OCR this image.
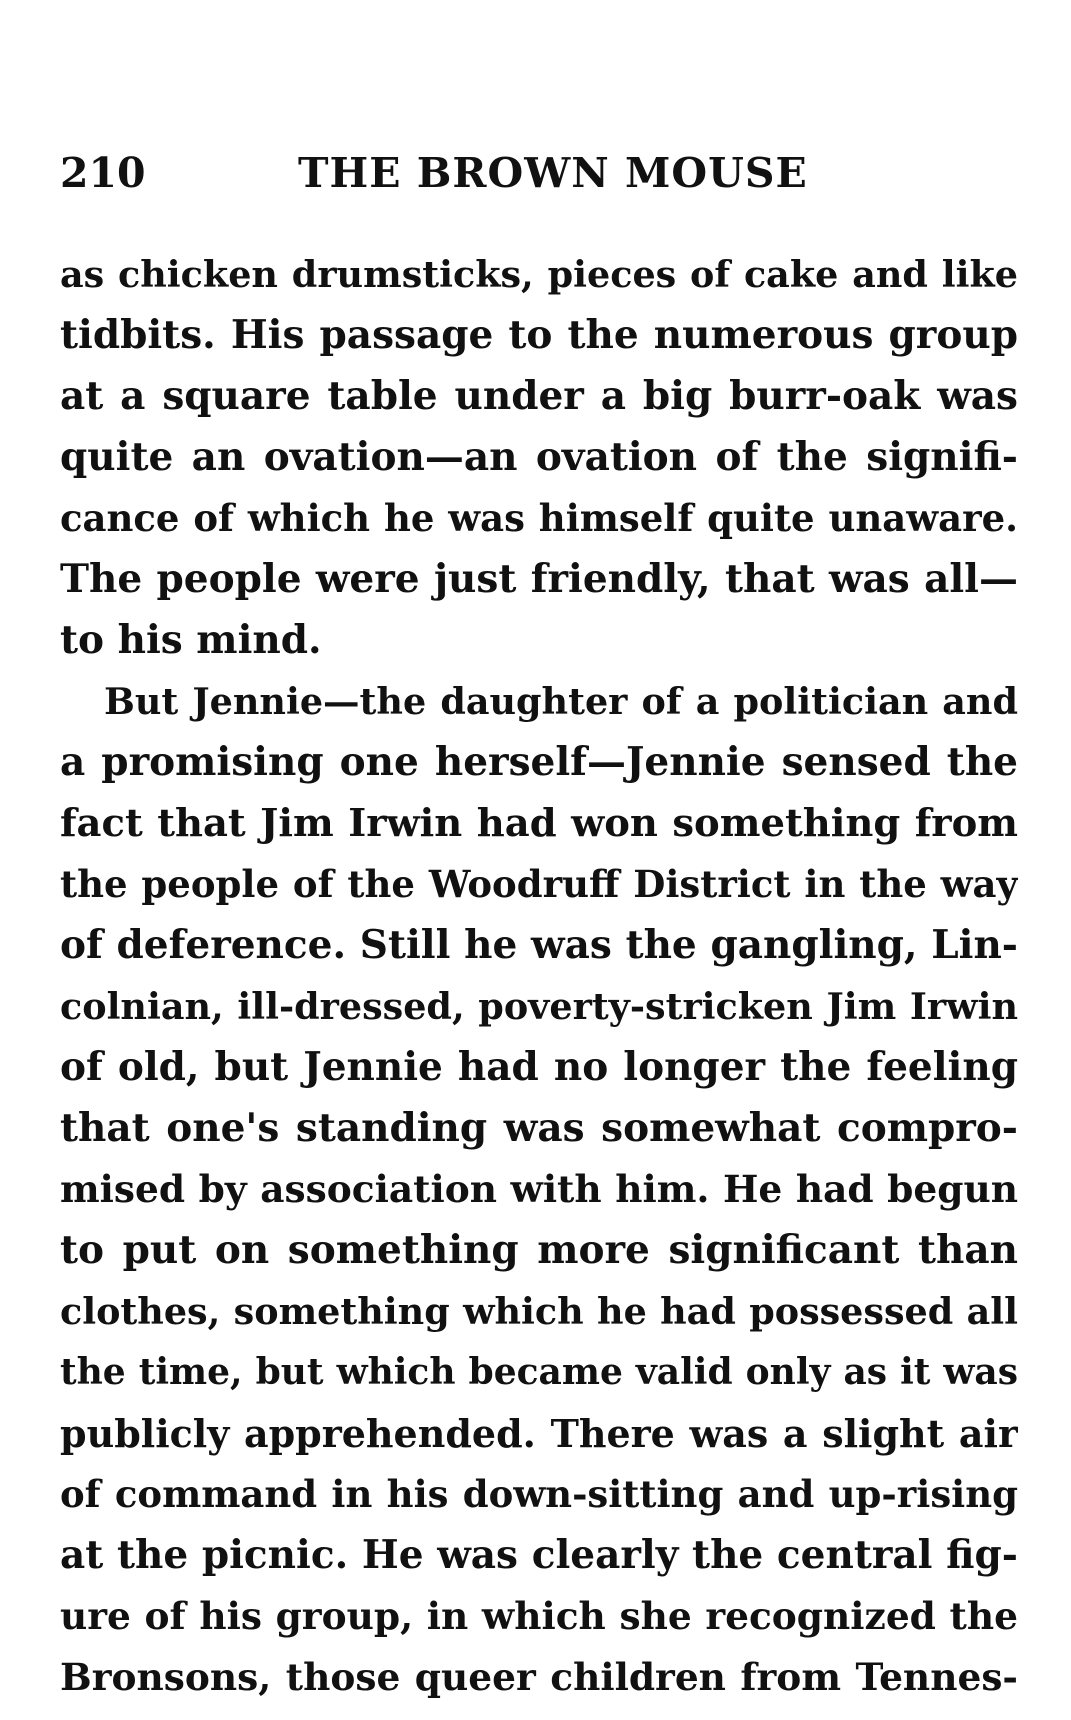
210	THE BROWN MOUSE
as chicken drumsticks, pieces of cake and like
tidbits. His passage to the numerous group
at a square table under a big burr-oak was
quite an ovation—an ovation of the signifi-
cance of which he was himself quite unaware.
The people were just friendly, that was all—
to his mind.
But Jennie—the daughter of a politician and
a promising one herself—Jennie sensed the
fact that Jim Irwin had won something from
the people of the Woodruff District in the way
of deference. Still he was the gangling, Lin-
colnian, ill-dressed, poverty-stricken Jim Irwin
of old, but Jennie had no longer the feeling
that one's standing was somewhat compro-
mised by association with him. He had begun
to put on something more significant than
clothes, something which he had possessed all
the time, but which became valid only as it was
publicly apprehended. There was a slight air
of command in his down-sitting and up-rising
at the picnic. He was clearly the central fig-
ure of his group, in which she recognized the
Bronsons, those queer children from Tennes-
